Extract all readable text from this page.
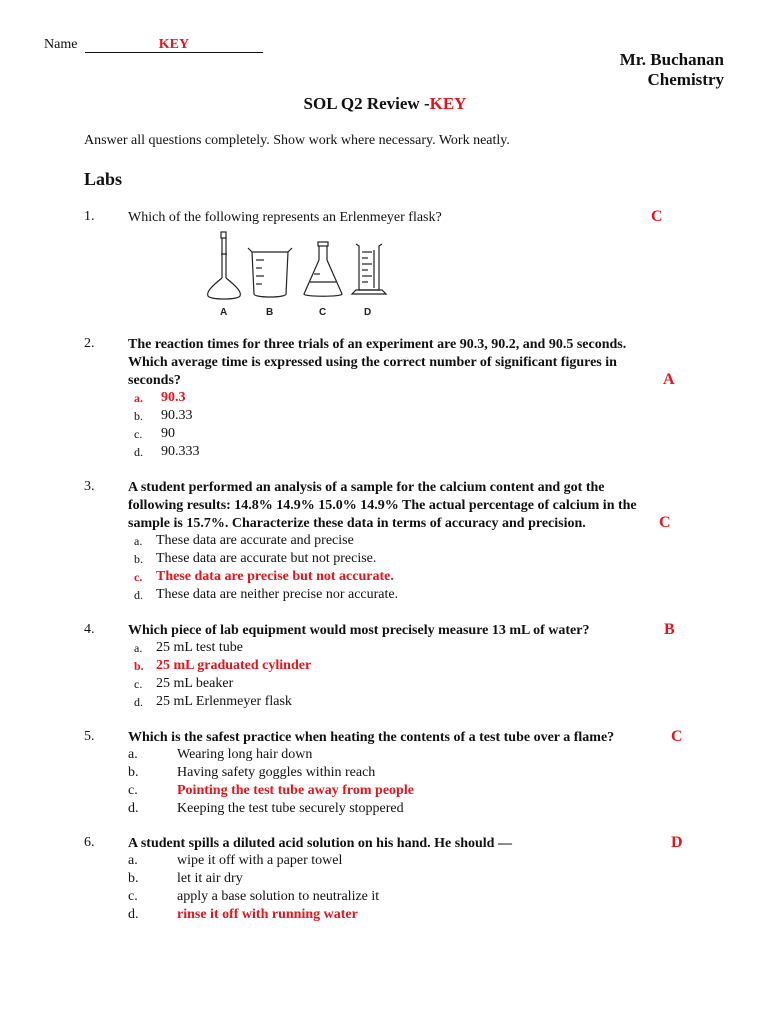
Name	KEY
Mr. Buchanan
Chemistry
SOL Q2 Review -KEY
Answer all questions completely. Show work where necessary. Work neatly.
Labs
1. Which of the following represents an Erlenmeyer flask?	C
A	B	C	D
2. The reaction times for three trials of an experiment are 90.3, 90.2, and 90.5 seconds.
Which average time is expressed using the correct number of significant figures in
seconds?	A
a. 90.3
b. 90.33
c. 90
d. 90.333
3. A student performed an analysis of a sample for the calcium content and got the
following results: 14.8% 14.9% 15.0% 14.9% The actual percentage of calcium in the
sample is 15.7%. Characterize these data in terms of accuracy and precision.	C
a. These data are accurate and precise
b. These data are accurate but not precise.
c. These data are precise but not accurate.
d. These data are neither precise nor accurate.
4. Which piece of lab equipment would most precisely measure 13 mL of water?	B
a. 25 mL test tube
b. 25 mL graduated cylinder
c. 25 mL beaker
d. 25 mL Erlenmeyer flask
5. Which is the safest practice when heating the contents of a test tube over a flame?	C
a.	Wearing long hair down
b.	Having safety goggles within reach
c.	Pointing the test tube away from people
d.	Keeping the test tube securely stoppered
6. A student spills a diluted acid solution on his hand. He should —	D
a.	wipe it off with a paper towel
b.	let it air dry
c.	apply a base solution to neutralize it
d.	rinse it off with running water
